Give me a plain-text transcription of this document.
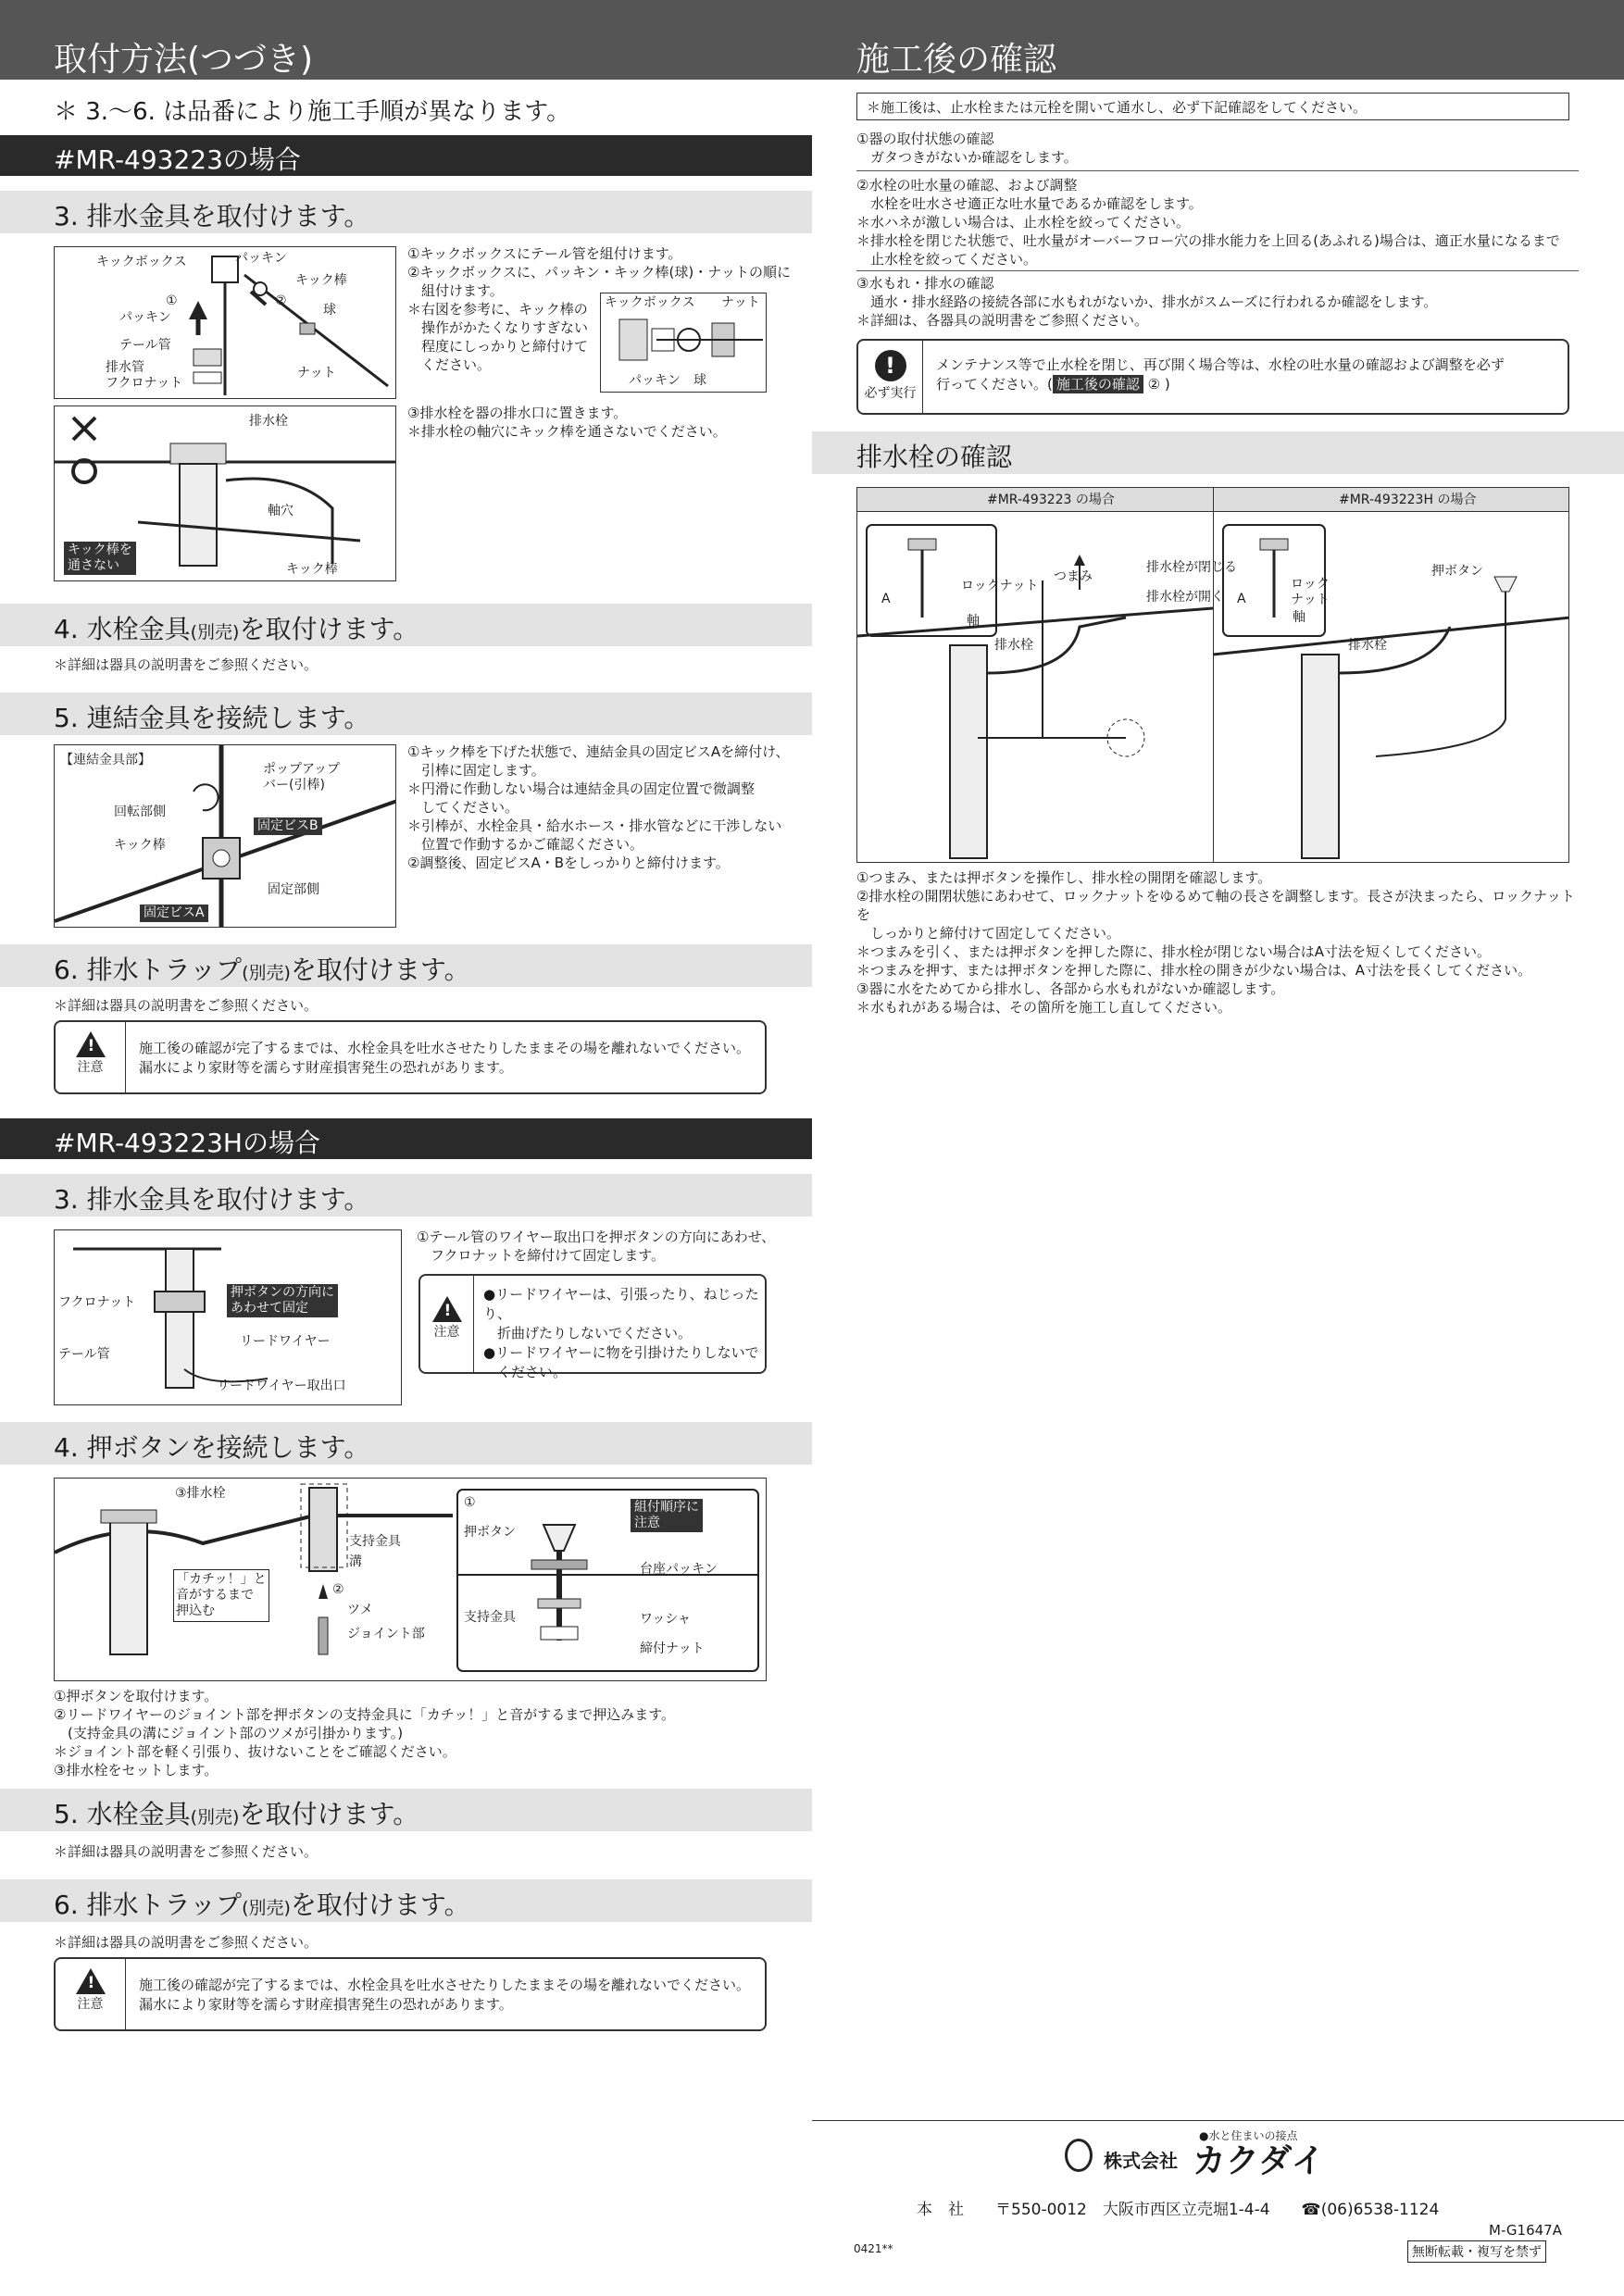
取付方法(つづき)	施工後の確認
＊ 3.～6. は品番により施工手順が異なります。
#MR-493223の場合
3. 排水金具を取付けます。
キックボックス	パッキン
キック棒
①	②
球
パッキン
テール管
排水管
フクロナット
ナット
①キックボックスにテール管を組付けます。
②キックボックスに、パッキン・キック棒(球)・ナットの順に
　組付けます。
＊右図を参考に、キック棒の
　操作がかたくなりすぎない
　程度にしっかりと締付けて
　ください。
キックボックス ナット
パッキン 球
排水栓
軸穴
キック棒
キック棒を
通さない
③排水栓を器の排水口に置きます。
＊排水栓の軸穴にキック棒を通さないでください。
4. 水栓金具(別売)を取付けます。
＊詳細は器具の説明書をご参照ください。
5. 連結金具を接続します。
【連結金具部】
ポップアップ
バー(引棒)
回転部側
キック棒
固定ビスB
固定部側
固定ビスA
①キック棒を下げた状態で、連結金具の固定ビスAを締付け、
　引棒に固定します。
＊円滑に作動しない場合は連結金具の固定位置で微調整
　してください。
＊引棒が、水栓金具・給水ホース・排水管などに干渉しない
　位置で作動するかご確認ください。
②調整後、固定ビスA・Bをしっかりと締付けます。
6. 排水トラップ(別売)を取付けます。
＊詳細は器具の説明書をご参照ください。
!
注意
施工後の確認が完了するまでは、水栓金具を吐水させたりしたままその場を離れないでください。
漏水により家財等を濡らす財産損害発生の恐れがあります。
#MR-493223Hの場合
3. 排水金具を取付けます。
フクロナット
テール管
押ボタンの方向に
あわせて固定
リードワイヤー
リードワイヤー取出口
①テール管のワイヤー取出口を押ボタンの方向にあわせ、
　フクロナットを締付けて固定します。
!
注意
●リードワイヤーは、引張ったり、ねじったり、
　折曲げたりしないでください。
●リードワイヤーに物を引掛けたりしないで
　ください。
4. 押ボタンを接続します。
③排水栓
支持金具
溝
「カチッ！」と
音がするまで
押込む	ツメ
ジョイント部
②
①
押ボタン
組付順序に
注意
台座パッキン
支持金具	ワッシャ
締付ナット
①押ボタンを取付けます。
②リードワイヤーのジョイント部を押ボタンの支持金具に「カチッ！」と音がするまで押込みます。
　(支持金具の溝にジョイント部のツメが引掛かります。)
＊ジョイント部を軽く引張り、抜けないことをご確認ください。
③排水栓をセットします。
5. 水栓金具(別売)を取付けます。
＊詳細は器具の説明書をご参照ください。
6. 排水トラップ(別売)を取付けます。
＊詳細は器具の説明書をご参照ください。
!
注意
施工後の確認が完了するまでは、水栓金具を吐水させたりしたままその場を離れないでください。
漏水により家財等を濡らす財産損害発生の恐れがあります。
＊施工後は、止水栓または元栓を開いて通水し、必ず下記確認をしてください。
①器の取付状態の確認
　ガタつきがないか確認をします。
②水栓の吐水量の確認、および調整
　水栓を吐水させ適正な吐水量であるか確認をします。
＊水ハネが激しい場合は、止水栓を絞ってください。
＊排水栓を閉じた状態で、吐水量がオーバーフロー穴の排水能力を上回る(あふれる)場合は、適正水量になるまで
　止水栓を絞ってください。
③水もれ・排水の確認
　通水・排水経路の接続各部に水もれがないか、排水がスムーズに行われるか確認をします。
＊詳細は、各器具の説明書をご参照ください。
!
必ず実行
メンテナンス等で止水栓を閉じ、再び開く場合等は、水栓の吐水量の確認および調整を必ず
行ってください。( 施工後の確認 ② )
排水栓の確認
#MR-493223 の場合	#MR-493223H の場合
ロックナット
A
軸
つまみ
排水栓が閉じる
排水栓が開く
排水栓
ロック
ナット
軸
A
押ボタン
排水栓
①つまみ、または押ボタンを操作し、排水栓の開閉を確認します。
②排水栓の開閉状態にあわせて、ロックナットをゆるめて軸の長さを調整します。長さが決まったら、ロックナットを
　しっかりと締付けて固定してください。
＊つまみを引く、または押ボタンを押した際に、排水栓が閉じない場合はA寸法を短くしてください。
＊つまみを押す、または押ボタンを押した際に、排水栓の開きが少ない場合は、A寸法を長くしてください。
③器に水をためてから排水し、各部から水もれがないか確認します。
＊水もれがある場合は、その箇所を施工し直してください。
●水と住まいの接点
株式会社 カクダイ
本　社　　〒550-0012　大阪市西区立売堀1-4-4　　☎(06)6538-1124
M-G1647A
0421**	無断転載・複写を禁ず
